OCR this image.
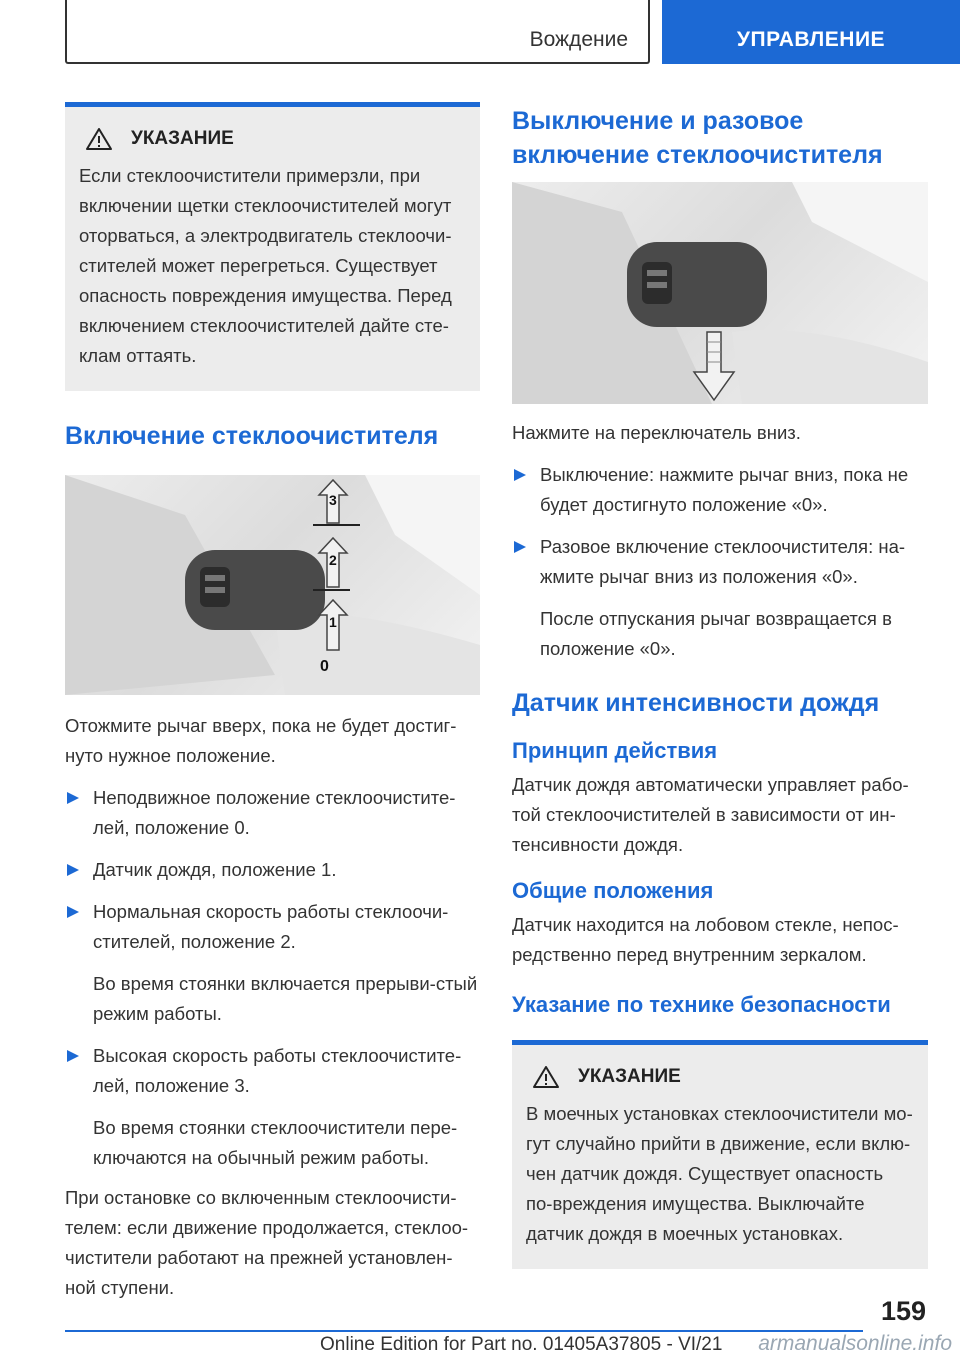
Вождение	УПРАВЛЕНИЕ
УКАЗАНИЕ

Если стеклоочистители примерзли, при включении щетки стеклоочистителей могут оторваться, а электродвигатель стеклоочи-стителей может перегреться. Существует опасность повреждения имущества. Перед включением стеклоочистителей дайте сте-клам оттаять.

Включение стеклоочистителя
3
2
1
0

Отожмите рычаг вверх, пока не будет достиг-нуто нужное положение.

Неподвижное положение стеклоочистите-лей, положение 0.
Датчик дождя, положение 1.
Нормальная скорость работы стеклоочи-стителей, положение 2.
Во время стоянки включается прерыви-стый режим работы.
Высокая скорость работы стеклоочистите-лей, положение 3.
Во время стоянки стеклоочистители пере-ключаются на обычный режим работы.

При остановке со включенным стеклоочисти-телем: если движение продолжается, стеклоо-чистители работают на прежней установлен-ной ступени.

Выключение и разовое включение стеклоочистителя

Нажмите на переключатель вниз.

Выключение: нажмите рычаг вниз, пока не будет достигнуто положение «0».
Разовое включение стеклоочистителя: на-жмите рычаг вниз из положения «0».
После отпускания рычаг возвращается в положение «0».
Датчик интенсивности дождя
Принцип действия

Датчик дождя автоматически управляет рабо-той стеклоочистителей в зависимости от ин-тенсивности дождя.

Общие положения

Датчик находится на лобовом стекле, непос-редственно перед внутренним зеркалом.

Указание по технике безопасности
УКАЗАНИЕ

В моечных установках стеклоочистители мо-гут случайно прийти в движение, если вклю-чен датчик дождя. Существует опасность по-вреждения имущества. Выключайте датчик дождя в моечных установках.

159
Online Edition for Part no. 01405A37805 - VI/21 armanualsonline.info
